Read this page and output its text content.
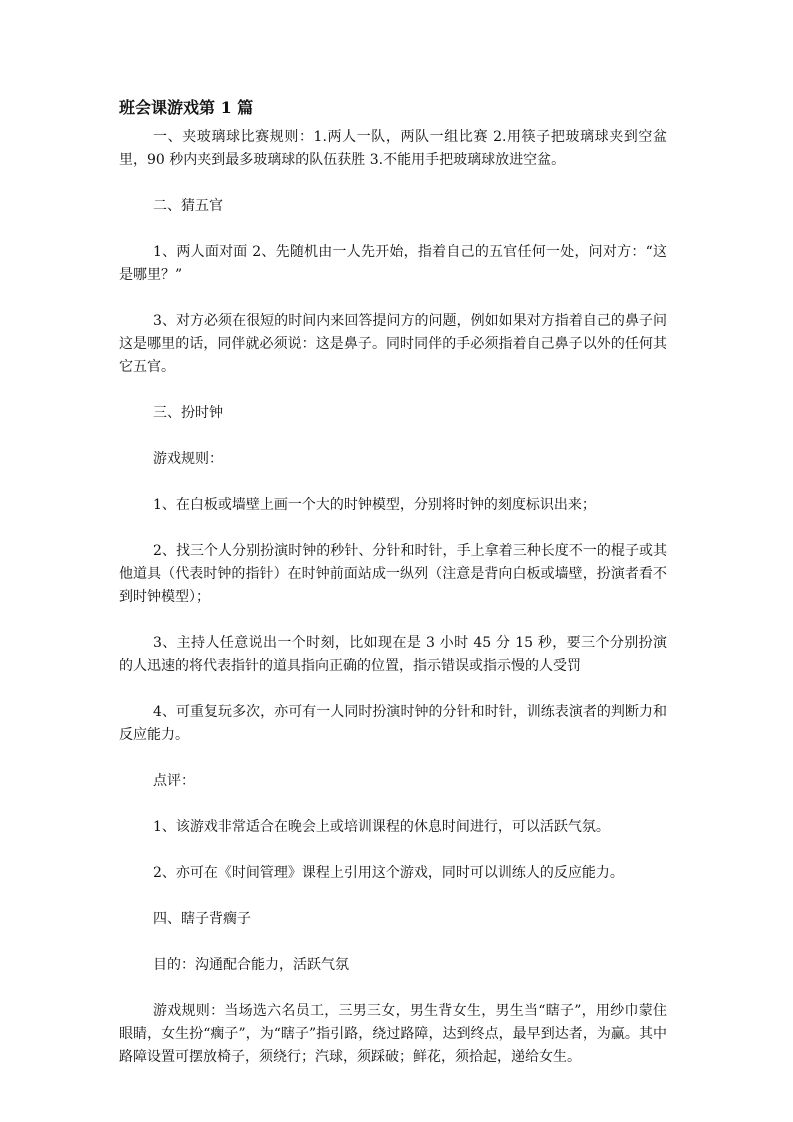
班会课游戏第 1 篇

一、夹玻璃球比赛规则：1.两人一队，两队一组比赛 2.用筷子把玻璃球夹到空盆里，90 秒内夹到最多玻璃球的队伍获胜 3.不能用手把玻璃球放进空盆。

二、猜五官

1、两人面对面 2、先随机由一人先开始，指着自己的五官任何一处，问对方：“这是哪里？”

3、对方必须在很短的时间内来回答提问方的问题，例如如果对方指着自己的鼻子问这是哪里的话，同伴就必须说：这是鼻子。同时同伴的手必须指着自己鼻子以外的任何其它五官。

三、扮时钟

游戏规则：

1、在白板或墙壁上画一个大的时钟模型，分别将时钟的刻度标识出来；

2、找三个人分别扮演时钟的秒针、分针和时针，手上拿着三种长度不一的棍子或其他道具（代表时钟的指针）在时钟前面站成一纵列（注意是背向白板或墙壁，扮演者看不到时钟模型）；

3、主持人任意说出一个时刻，比如现在是 3 小时 45 分 15 秒，要三个分别扮演的人迅速的将代表指针的道具指向正确的位置，指示错误或指示慢的人受罚

4、可重复玩多次，亦可有一人同时扮演时钟的分针和时针，训练表演者的判断力和反应能力。

点评：

1、该游戏非常适合在晚会上或培训课程的休息时间进行，可以活跃气氛。

2、亦可在《时间管理》课程上引用这个游戏，同时可以训练人的反应能力。

四、瞎子背瘸子

目的：沟通配合能力，活跃气氛

游戏规则：当场选六名员工，三男三女，男生背女生，男生当“瞎子”，用纱巾蒙住眼睛，女生扮“瘸子”，为“瞎子”指引路，绕过路障，达到终点，最早到达者，为赢。其中路障设置可摆放椅子，须绕行；汽球，须踩破；鲜花，须拾起，递给女生。
